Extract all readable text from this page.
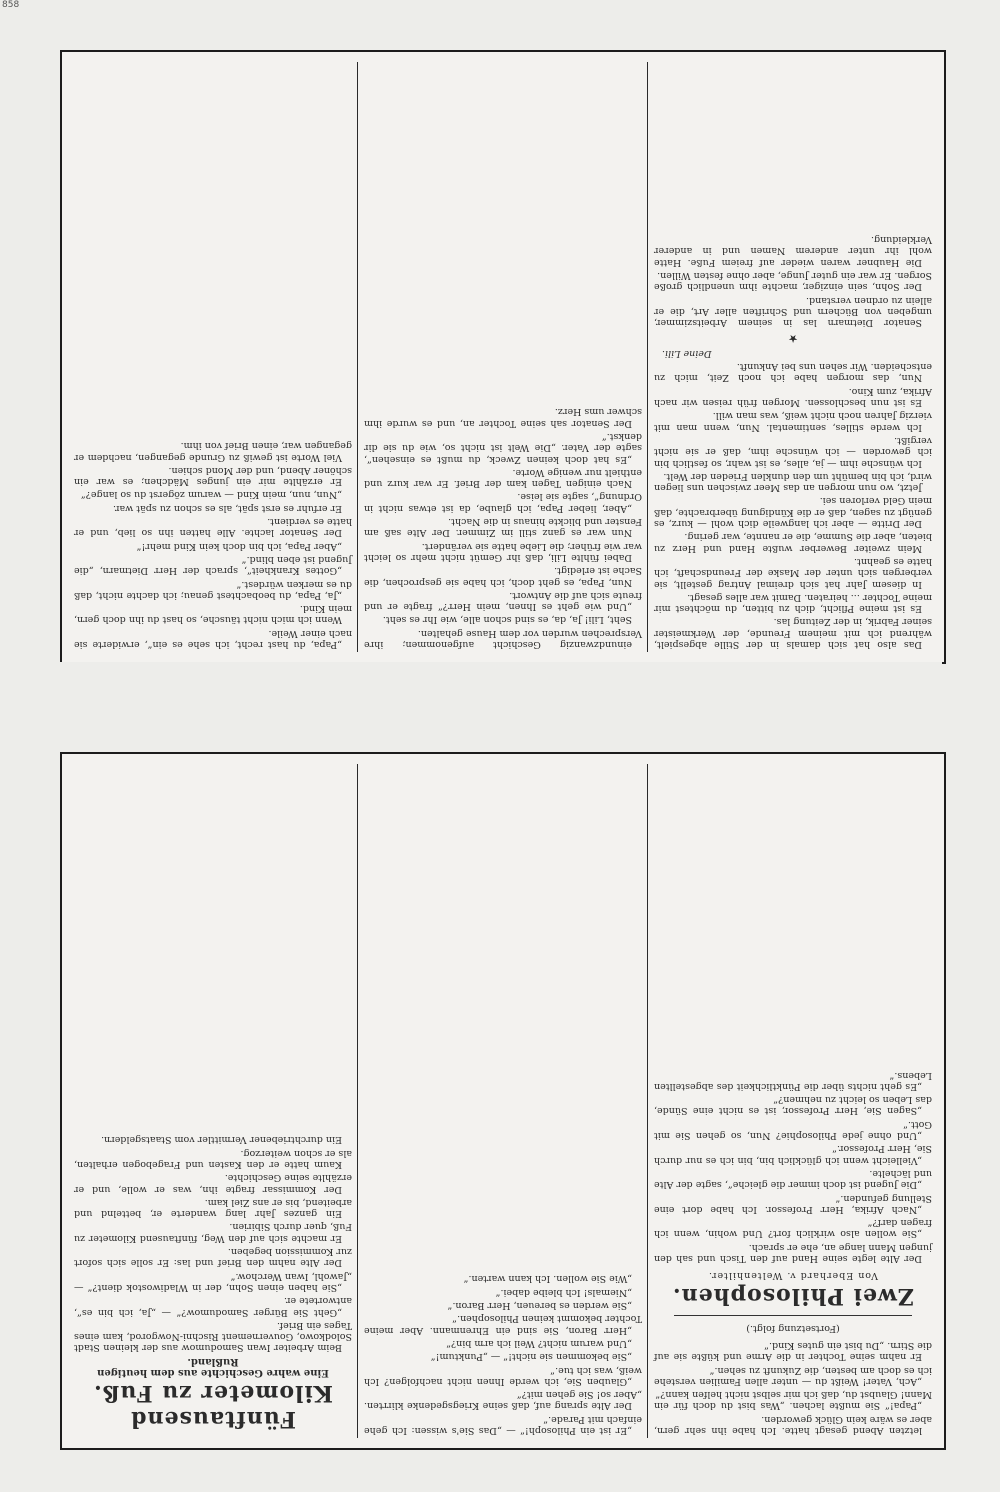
858

Das also hat sich damals in der Stille abgespielt, während ich mit meinem Freunde, der Werkmeister seiner Fabrik, in der Zeitung las.

Es ist meine Pflicht, dich zu bitten, du möchtest mir meine Tochter ... heiraten. Damit war alles gesagt.

In diesem Jahr hat sich dreimal Antrag gestellt, sie verbergen sich unter der Maske der Freundschaft, ich hatte es geahnt.

Mein zweiter Bewerber wußte Hand und Herz zu bieten, aber die Summe, die er nannte, war gering.

Der Dritte — aber ich langweile dich wohl — kurz, es genügt zu sagen, daß er die Kündigung überbrachte, daß mein Geld verloren sei.

Jetzt, wo nun morgen an das Meer zwischen uns liegen wird, ich bin bemüht um den dunklen Frieden der Welt.

Ich wünsche ihm — ja, alles, es ist wahr, so festlich bin ich geworden — ich wünsche ihm, daß er sie nicht vergißt.

Ich werde stilles, sentimental. Nun, wenn man mit vierzig Jahren noch nicht weiß, was man will.

Es ist nun beschlossen. Morgen früh reisen wir nach Afrika, zum Kino.

Nun, das morgen habe ich noch Zeit, mich zu entscheiden. Wir sehen uns bei Ankunft.

Deine Lili.
★

Senator Dietmarn las in seinem Arbeitszimmer, umgeben von Büchern und Schriften aller Art, die er allein zu ordnen verstand.

Der Sohn, sein einziger, machte ihm unendlich große Sorgen. Er war ein guter Junge, aber ohne festen Willen.

Die Haubner waren wieder auf freiem Fuße. Hatte wohl ihr unter anderem Namen und in anderer Verkleidung.

einundzwanzig Geschicht aufgenommen; ihre Versprechen wurden vor dem Hause gehalten.

Seht, Lili! Ja, da, es sind schon alle, wie Ihr es seht.

„Und wie geht es Ihnen, mein Herr?“ fragte er und freute sich auf die Antwort.

Nun, Papa, es geht doch, ich habe sie gesprochen, die Sache ist erledigt.

Dabei fühlte Lili, daß ihr Gemüt nicht mehr so leicht war wie früher; die Liebe hatte sie verändert.

Nun war es ganz still im Zimmer. Der Alte saß am Fenster und blickte hinaus in die Nacht.

„Aber, lieber Papa, ich glaube, da ist etwas nicht in Ordnung“, sagte sie leise.

Nach einigen Tagen kam der Brief. Er war kurz und enthielt nur wenige Worte.

„Es hat doch keinen Zweck, du mußt es einsehen“, sagte der Vater. „Die Welt ist nicht so, wie du sie dir denkst.“

Der Senator sah seine Tochter an, und es wurde ihm schwer ums Herz.

„Papa, du hast recht, ich sehe es ein“, erwiderte sie nach einer Weile.

Wenn ich mich nicht täusche, so hast du ihn doch gern, mein Kind.

„Ja, Papa, du beobachtest genau; ich dachte nicht, daß du es merken würdest.“

„Gottes Krankheit“, sprach der Herr Dietmarn, „die Jugend ist eben blind.“

„Aber Papa, ich bin doch kein Kind mehr!“

Der Senator lachte. Alle hatten ihn so lieb, und er hatte es verdient.

Er erfuhr es erst spät, als es schon zu spät war.

„Nun, nun, mein Kind — warum zögerst du so lange?“

Er erzählte mir ein junges Mädchen; es war ein schöner Abend, und der Mond schien.

Viel Worte ist gewiß zu Grunde gegangen, nachdem er gegangen war, einen Brief von ihm.

letzten Abend gesagt hatte. Ich habe ihn sehr gern, aber es wäre kein Glück geworden.

„Papa!“ Sie mußte lachen. „Was bist du doch für ein Mann! Glaubst du, daß ich mir selbst nicht helfen kann?“

„Ach, Vater! Weißt du — unter allen Familien verstehe ich es doch am besten, die Zukunft zu sehen.“

Er nahm seine Tochter in die Arme und küßte sie auf die Stirn. „Du bist ein gutes Kind.“

(Fortsetzung folgt.)
Zwei Philosophen.
Von Eberhard v. Weltenhilter.

Der Alte legte seine Hand auf den Tisch und sah den jungen Mann lange an, ehe er sprach.

„Sie wollen also wirklich fort? Und wohin, wenn ich fragen darf?“

„Nach Afrika, Herr Professor. Ich habe dort eine Stellung gefunden.“

„Die Jugend ist doch immer die gleiche“, sagte der Alte und lächelte.

„Vielleicht wenn ich glücklich bin, bin ich es nur durch Sie, Herr Professor.“

„Und ohne jede Philosophie? Nun, so gehen Sie mit Gott.“

„Sagen Sie, Herr Professor, ist es nicht eine Sünde, das Leben so leicht zu nehmen?“

„Es geht nichts über die Pünktlichkeit des abgestellten Lebens.“

„Er ist ein Philosoph!“ — „Das Sie's wissen: Ich gehe einfach mit Parade.“

Der Alte sprang auf, daß seine Kriegsgedenke klirrten. „Aber so! Sie gehen mit?“

„Glauben Sie, ich werde Ihnen nicht nachfolgen? Ich weiß, was ich tue.“

„Sie bekommen sie nicht!“ — „Punktum!“

„Und warum nicht? Weil ich arm bin?“

„Herr Baron, Sie sind ein Ehrenmann. Aber meine Tochter bekommt keinen Philosophen.“

„Sie werden es bereuen, Herr Baron.“

„Niemals! Ich bleibe dabei.“

„Wie Sie wollen. Ich kann warten.“

Fünftausend Kilometer zu Fuß.
Eine wahre Geschichte aus dem heutigen Rußland.

Beim Arbeiter Iwan Samodumow aus der kleinen Stadt Solodkowo, Gouvernement Rischni-Nowgorod, kam eines Tages ein Brief.

„Geht Sie Bürger Samodumow?“ — „Ja, ich bin es“, antwortete er.

„Sie haben einen Sohn, der in Wladiwostok dient?“ — „Jawohl, Iwan Werchow.“

Der Alte nahm den Brief und las: Er solle sich sofort zur Kommission begeben.

Er machte sich auf den Weg, fünftausend Kilometer zu Fuß, quer durch Sibirien.

Ein ganzes Jahr lang wanderte er, bettelnd und arbeitend, bis er ans Ziel kam.

Der Kommissar fragte ihn, was er wolle, und er erzählte seine Geschichte.

Kaum hatte er den Kasten und Fragebogen erhalten, als er schon weiterzog.

Ein durchtriebener Vermittler vom Staatsgeldern.
